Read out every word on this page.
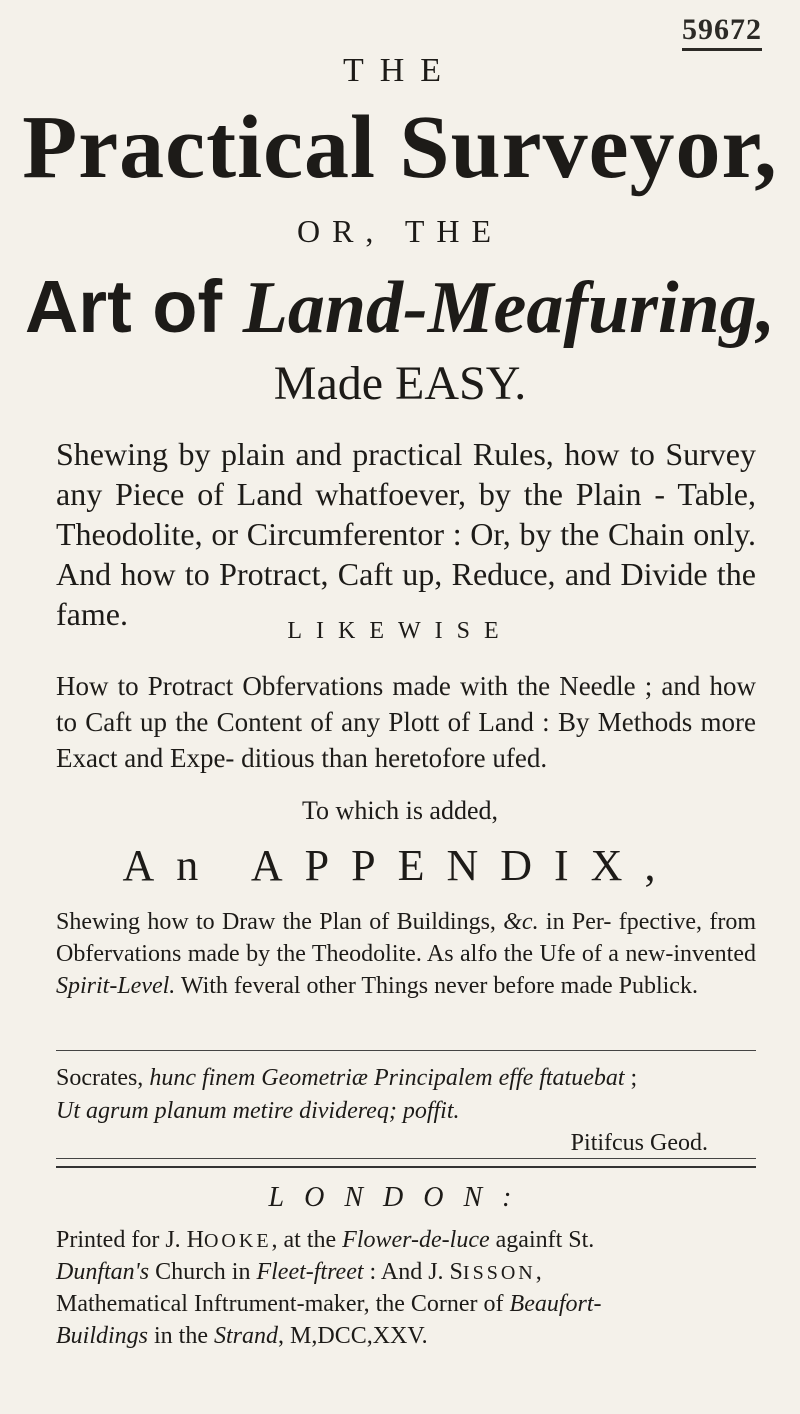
59672
THE
Practical Surveyor,
OR, THE
Art of Land-Meafuring,
Made EASY.
Shewing by plain and practical Rules, how to Survey any Piece of Land whatfoever, by the Plain - Table, Theodolite, or Circumferentor : Or, by the Chain only. And how to Protract, Caft up, Reduce, and Divide the fame.	LIKEWISE
How to Protract Obfervations made with the Needle ; and how to Caft up the Content of any Plott of Land : By Methods more Exact and Expe- ditious than heretofore ufed.
To which is added,
An APPENDIX,
Shewing how to Draw the Plan of Buildings, &c. in Per- fpective, from Obfervations made by the Theodolite. As alfo the Ufe of a new-invented Spirit-Level. With feveral other Things never before made Publick.
Socrates, hunc finem Geometriæ Principalem effe ftatuebat ;
Ut agrum planum metire dividereq; poffit.
Pitifcus Geod.
LONDON:
Printed for J. HOOKE, at the Flower-de-luce againft St.
Dunftan's Church in Fleet-ftreet : And J. SISSON,
Mathematical Inftrument-maker, the Corner of Beaufort-
Buildings in the Strand, M,DCC,XXV.
